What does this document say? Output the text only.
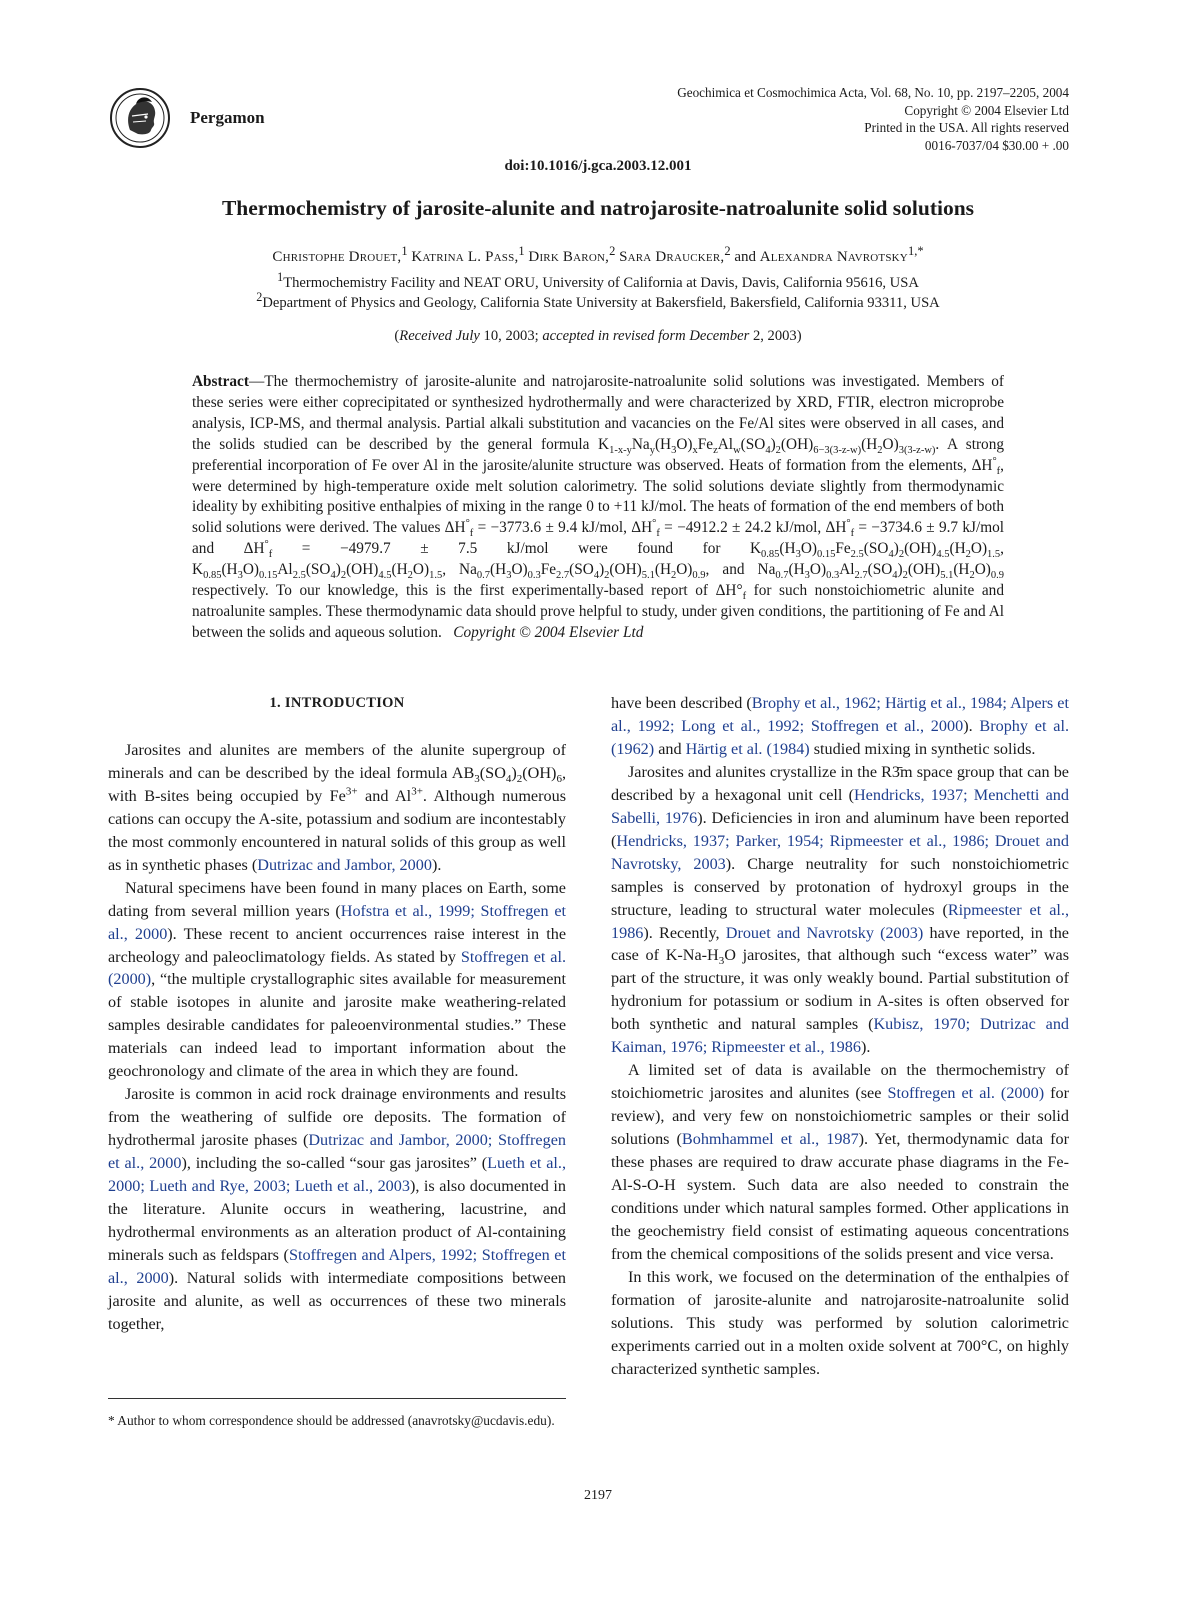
Pergamon
Geochimica et Cosmochimica Acta, Vol. 68, No. 10, pp. 2197–2205, 2004
Copyright © 2004 Elsevier Ltd
Printed in the USA. All rights reserved
0016-7037/04 $30.00 + .00
doi:10.1016/j.gca.2003.12.001
Thermochemistry of jarosite-alunite and natrojarosite-natroalunite solid solutions
Christophe Drouet,$^1$ Katrina L. Pass,$^1$ Dirk Baron,$^2$ Sara Draucker,$^2$ and Alexandra Navrotsky$^{1,*}$
$^1$Thermochemistry Facility and NEAT ORU, University of California at Davis, Davis, California 95616, USA
$^2$Department of Physics and Geology, California State University at Bakersfield, Bakersfield, California 93311, USA
(Received July 10, 2003; accepted in revised form December 2, 2003)

Abstract—The thermochemistry of jarosite-alunite and natrojarosite-natroalunite solid solutions was investigated. Members of these series were either coprecipitated or synthesized hydrothermally and were characterized by XRD, FTIR, electron microprobe analysis, ICP-MS, and thermal analysis. Partial alkali substitution and vacancies on the Fe/Al sites were observed in all cases, and the solids studied can be described by the general formula $K_{1-x-y}Na_y(H_3O)_xFe_zAl_w(SO_4)_2(OH)_{6-3(3-z-w)}(H_2O)_{3(3-z-w)}$. A strong preferential incorporation of Fe over Al in the jarosite/alunite structure was observed. Heats of formation from the elements, $\Delta H^\circ_f$, were determined by high-temperature oxide melt solution calorimetry. The solid solutions deviate slightly from thermodynamic ideality by exhibiting positive enthalpies of mixing in the range 0 to +11 kJ/mol. The heats of formation of the end members of both solid solutions were derived. The values $\Delta H^\circ_f = -3773.6 \pm 9.4$ kJ/mol, $\Delta H^\circ_f = -4912.2 \pm 24.2$ kJ/mol, $\Delta H^\circ_f = -3734.6 \pm 9.7$ kJ/mol and $\Delta H^\circ_f = -4979.7 \pm 7.5$ kJ/mol were found for $K_{0.85}(H_3O)_{0.15}Fe_{2.5}(SO_4)_2(OH)_{4.5}(H_2O)_{1.5}$, $K_{0.85}(H_3O)_{0.15}Al_{2.5}(SO_4)_2(OH)_{4.5}(H_2O)_{1.5}$, $Na_{0.7}(H_3O)_{0.3}Fe_{2.7}(SO_4)_2(OH)_{5.1}(H_2O)_{0.9}$, and $Na_{0.7}(H_3O)_{0.3}Al_{2.7}(SO_4)_2(OH)_{5.1}(H_2O)_{0.9}$ respectively. To our knowledge, this is the first experimentally-based report of $\Delta H^\circ_f$ for such nonstoichiometric alunite and natroalunite samples. These thermodynamic data should prove helpful to study, under given conditions, the partitioning of Fe and Al between the solids and aqueous solution.   Copyright © 2004 Elsevier Ltd

1. INTRODUCTION

Jarosites and alunites are members of the alunite supergroup of minerals and can be described by the ideal formula $AB_3(SO_4)_2(OH)_6$, with B-sites being occupied by $Fe^{3+}$ and $Al^{3+}$. Although numerous cations can occupy the A-site, potassium and sodium are incontestably the most commonly encountered in natural solids of this group as well as in synthetic phases (Dutrizac and Jambor, 2000).

Natural specimens have been found in many places on Earth, some dating from several million years (Hofstra et al., 1999; Stoffregen et al., 2000). These recent to ancient occurrences raise interest in the archeology and paleoclimatology fields. As stated by Stoffregen et al. (2000), “the multiple crystallographic sites available for measurement of stable isotopes in alunite and jarosite make weathering-related samples desirable candidates for paleoenvironmental studies.” These materials can indeed lead to important information about the geochronology and climate of the area in which they are found.

Jarosite is common in acid rock drainage environments and results from the weathering of sulfide ore deposits. The formation of hydrothermal jarosite phases (Dutrizac and Jambor, 2000; Stoffregen et al., 2000), including the so-called “sour gas jarosites” (Lueth et al., 2000; Lueth and Rye, 2003; Lueth et al., 2003), is also documented in the literature. Alunite occurs in weathering, lacustrine, and hydrothermal environments as an alteration product of Al-containing minerals such as feldspars (Stoffregen and Alpers, 1992; Stoffregen et al., 2000). Natural solids with intermediate compositions between jarosite and alunite, as well as occurrences of these two minerals together,

have been described (Brophy et al., 1962; Härtig et al., 1984; Alpers et al., 1992; Long et al., 1992; Stoffregen et al., 2000). Brophy et al. (1962) and Härtig et al. (1984) studied mixing in synthetic solids.

Jarosites and alunites crystallize in the R3̄m space group that can be described by a hexagonal unit cell (Hendricks, 1937; Menchetti and Sabelli, 1976). Deficiencies in iron and aluminum have been reported (Hendricks, 1937; Parker, 1954; Ripmeester et al., 1986; Drouet and Navrotsky, 2003). Charge neutrality for such nonstoichiometric samples is conserved by protonation of hydroxyl groups in the structure, leading to structural water molecules (Ripmeester et al., 1986). Recently, Drouet and Navrotsky (2003) have reported, in the case of $K-Na-H_3O$ jarosites, that although such “excess water” was part of the structure, it was only weakly bound. Partial substitution of hydronium for potassium or sodium in A-sites is often observed for both synthetic and natural samples (Kubisz, 1970; Dutrizac and Kaiman, 1976; Ripmeester et al., 1986).

A limited set of data is available on the thermochemistry of stoichiometric jarosites and alunites (see Stoffregen et al. (2000) for review), and very few on nonstoichiometric samples or their solid solutions (Bohmhammel et al., 1987). Yet, thermodynamic data for these phases are required to draw accurate phase diagrams in the Fe-Al-S-O-H system. Such data are also needed to constrain the conditions under which natural samples formed. Other applications in the geochemistry field consist of estimating aqueous concentrations from the chemical compositions of the solids present and vice versa.

In this work, we focused on the determination of the enthalpies of formation of jarosite-alunite and natrojarosite-natroalunite solid solutions. This study was performed by solution calorimetric experiments carried out in a molten oxide solvent at 700°C, on highly characterized synthetic samples.

* Author to whom correspondence should be addressed (anavrotsky@ucdavis.edu).
2197
